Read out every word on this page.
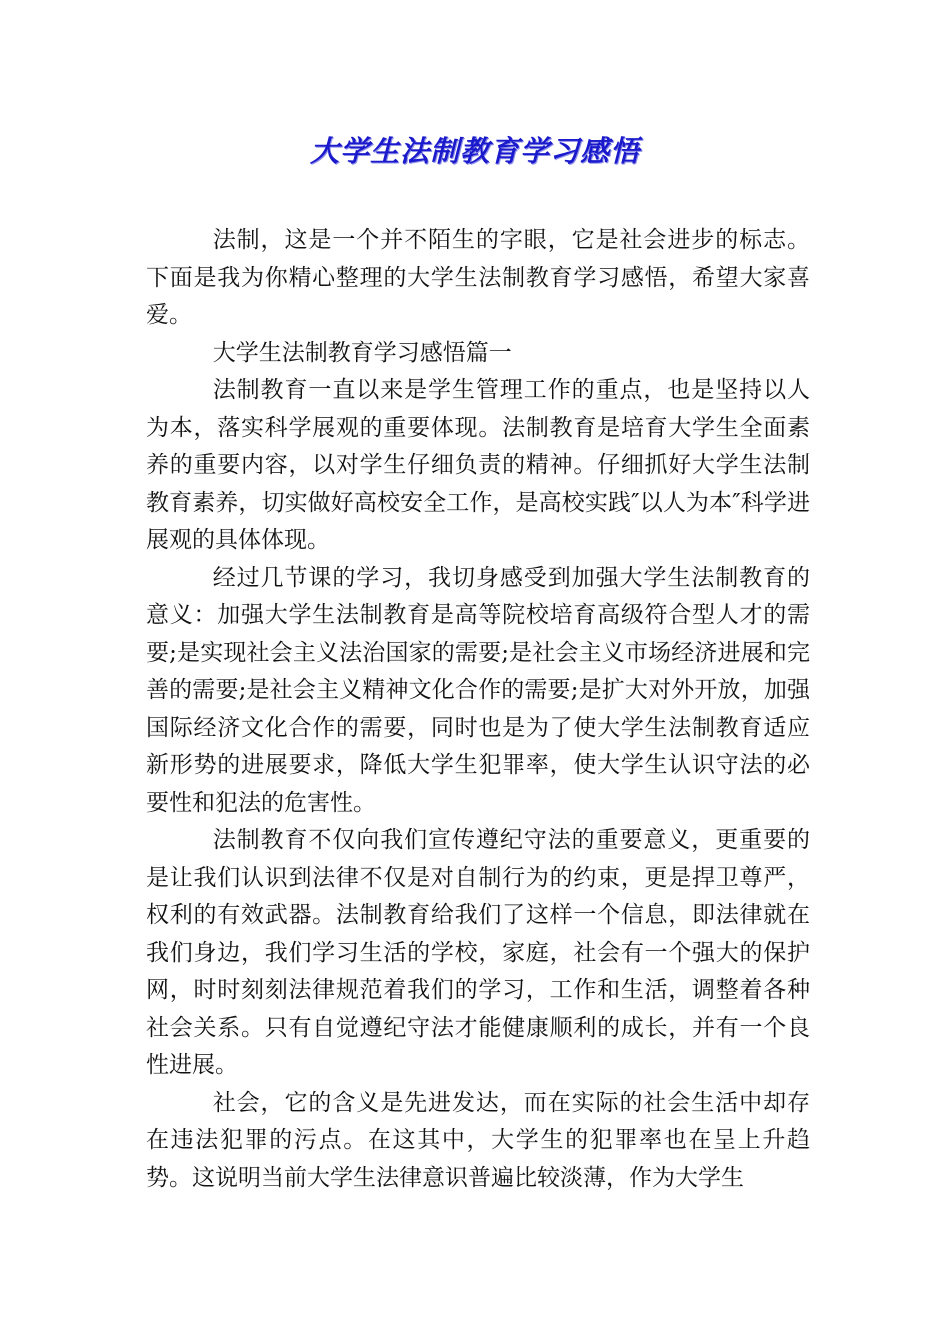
大学生法制教育学习感悟

法制，这是一个并不陌生的字眼，它是社会进步的标志。下面是我为你精心整理的大学生法制教育学习感悟，希望大家喜爱。

大学生法制教育学习感悟篇一

法制教育一直以来是学生管理工作的重点，也是坚持以人为本，落实科学展观的重要体现。法制教育是培育大学生全面素养的重要内容，以对学生仔细负责的精神。仔细抓好大学生法制教育素养，切实做好高校安全工作，是高校实践″以人为本″科学进展观的具体体现。

经过几节课的学习，我切身感受到加强大学生法制教育的意义：加强大学生法制教育是高等院校培育高级符合型人才的需要;是实现社会主义法治国家的需要;是社会主义市场经济进展和完善的需要;是社会主义精神文化合作的需要;是扩大对外开放，加强国际经济文化合作的需要，同时也是为了使大学生法制教育适应新形势的进展要求，降低大学生犯罪率，使大学生认识守法的必要性和犯法的危害性。

法制教育不仅向我们宣传遵纪守法的重要意义，更重要的是让我们认识到法律不仅是对自制行为的约束，更是捍卫尊严，权利的有效武器。法制教育给我们了这样一个信息，即法律就在我们身边，我们学习生活的学校，家庭，社会有一个强大的保护网，时时刻刻法律规范着我们的学习，工作和生活，调整着各种社会关系。只有自觉遵纪守法才能健康顺利的成长，并有一个良性进展。

社会，它的含义是先进发达，而在实际的社会生活中却存在违法犯罪的污点。在这其中，大学生的犯罪率也在呈上升趋势。这说明当前大学生法律意识普遍比较淡薄，作为大学生
